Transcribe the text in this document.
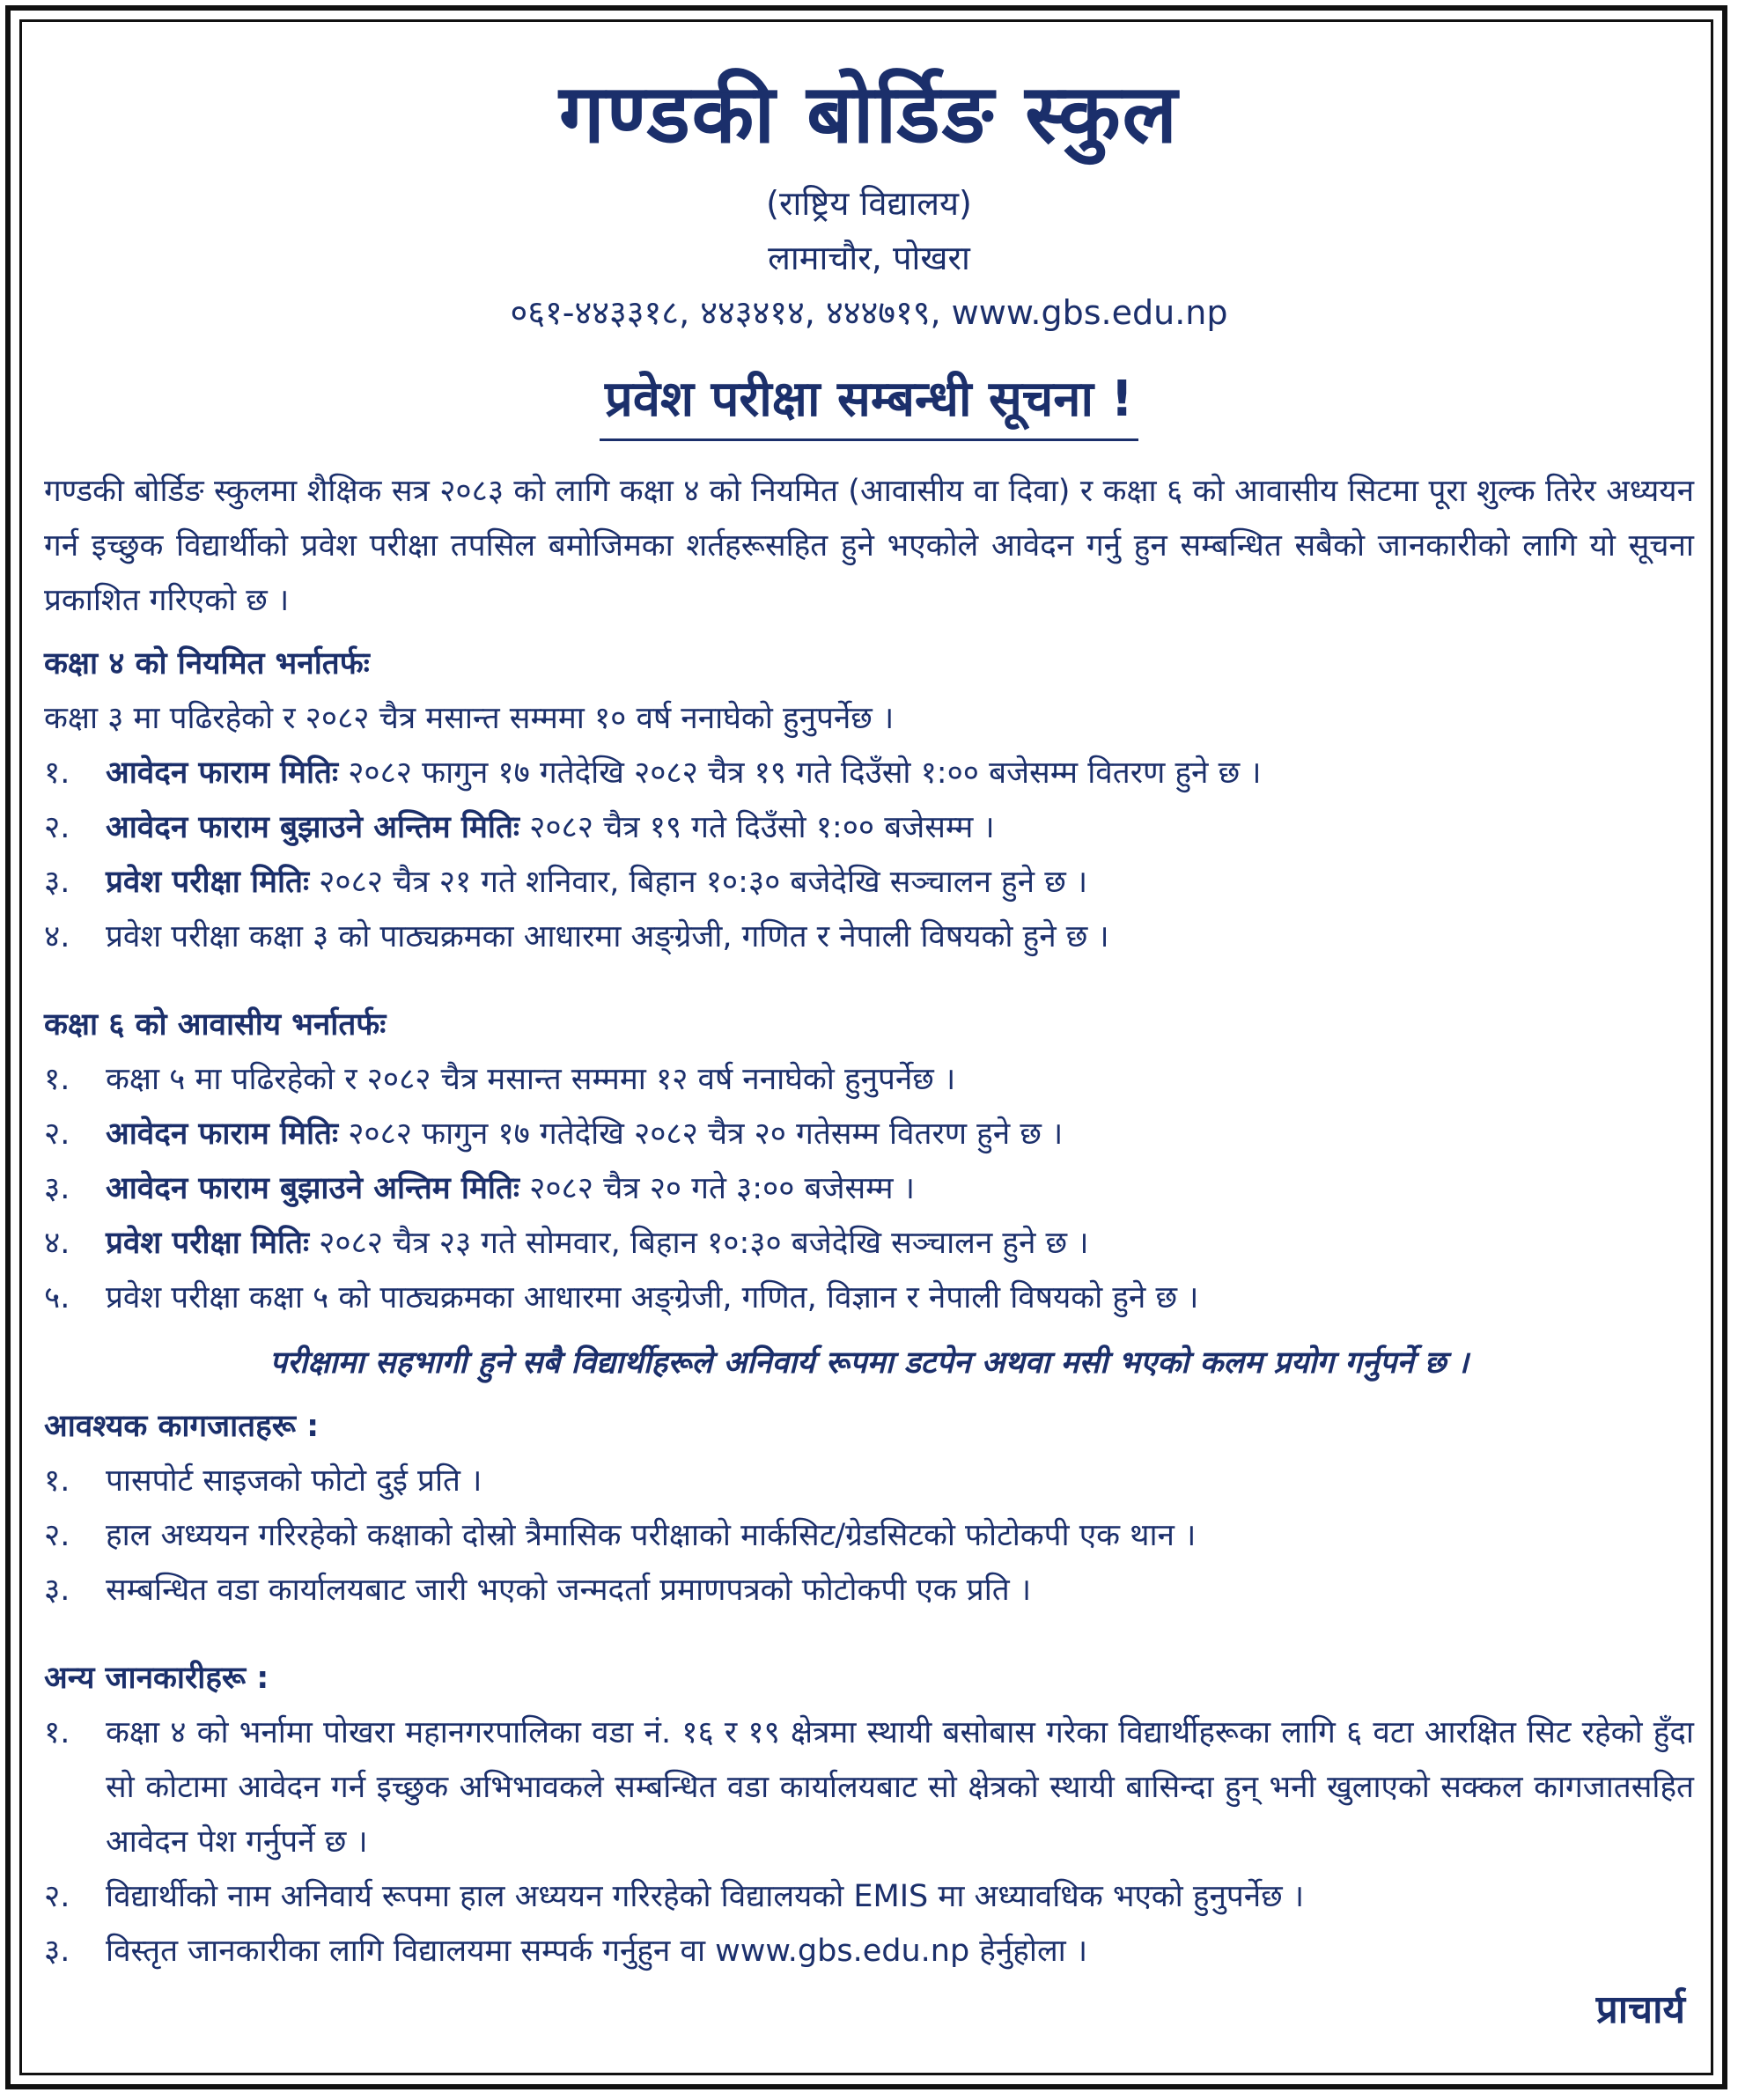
गण्डकी बोर्डिङ स्कुल
(राष्ट्रिय विद्यालय)
लामाचौर, पोखरा
०६१-४४३३१८, ४४३४१४, ४४४७१९, www.gbs.edu.np
प्रवेश परीक्षा सम्बन्धी सूचना !

गण्डकी बोर्डिङ स्कुलमा शैक्षिक सत्र २०८३ को लागि कक्षा ४ को नियमित (आवासीय वा दिवा) र कक्षा ६ को आवासीय सिटमा पूरा शुल्क तिरेर अध्ययन गर्न इच्छुक विद्यार्थीको प्रवेश परीक्षा तपसिल बमोजिमका शर्तहरूसहित हुने भएकोले आवेदन गर्नु हुन सम्बन्धित सबैको जानकारीको लागि यो सूचना प्रकाशित गरिएको छ ।

कक्षा ४ को नियमित भर्नातर्फः
कक्षा ३ मा पढिरहेको र २०८२ चैत्र मसान्त सम्ममा १० वर्ष ननाघेको हुनुपर्नेछ ।
१.	आवेदन फाराम मितिः २०८२ फागुन १७ गतेदेखि २०८२ चैत्र १९ गते दिउँसो १:०० बजेसम्म वितरण हुने छ ।
२.	आवेदन फाराम बुझाउने अन्तिम मितिः २०८२ चैत्र १९ गते दिउँसो १:०० बजेसम्म ।
३.	प्रवेश परीक्षा मितिः २०८२ चैत्र २१ गते शनिवार, बिहान १०:३० बजेदेखि सञ्चालन हुने छ ।
४.	प्रवेश परीक्षा कक्षा ३ को पाठ्यक्रमका आधारमा अङ्ग्रेजी, गणित र नेपाली विषयको हुने छ ।
कक्षा ६ को आवासीय भर्नातर्फः
१.	कक्षा ५ मा पढिरहेको र २०८२ चैत्र मसान्त सम्ममा १२ वर्ष ननाघेको हुनुपर्नेछ ।
२.	आवेदन फाराम मितिः २०८२ फागुन १७ गतेदेखि २०८२ चैत्र २० गतेसम्म वितरण हुने छ ।
३.	आवेदन फाराम बुझाउने अन्तिम मितिः २०८२ चैत्र २० गते ३:०० बजेसम्म ।
४.	प्रवेश परीक्षा मितिः २०८२ चैत्र २३ गते सोमवार, बिहान १०:३० बजेदेखि सञ्चालन हुने छ ।
५.	प्रवेश परीक्षा कक्षा ५ को पाठ्यक्रमका आधारमा अङ्ग्रेजी, गणित, विज्ञान र नेपाली विषयको हुने छ ।
परीक्षामा सहभागी हुने सबै विद्यार्थीहरूले अनिवार्य रूपमा डटपेन अथवा मसी भएको कलम प्रयोग गर्नुपर्ने छ ।
आवश्यक कागजातहरू :
१.	पासपोर्ट साइजको फोटो दुई प्रति ।
२.	हाल अध्ययन गरिरहेको कक्षाको दोस्रो त्रैमासिक परीक्षाको मार्कसिट/ग्रेडसिटको फोटोकपी एक थान ।
३.	सम्बन्धित वडा कार्यालयबाट जारी भएको जन्मदर्ता प्रमाणपत्रको फोटोकपी एक प्रति ।
अन्य जानकारीहरू :
१.	कक्षा ४ को भर्नामा पोखरा महानगरपालिका वडा नं. १६ र १९ क्षेत्रमा स्थायी बसोबास गरेका विद्यार्थीहरूका लागि ६ वटा आरक्षित सिट रहेको हुँदा सो कोटामा आवेदन गर्न इच्छुक अभिभावकले सम्बन्धित वडा कार्यालयबाट सो क्षेत्रको स्थायी बासिन्दा हुन् भनी खुलाएको सक्कल कागजातसहित आवेदन पेश गर्नुपर्ने छ ।
२.	विद्यार्थीको नाम अनिवार्य रूपमा हाल अध्ययन गरिरहेको विद्यालयको EMIS मा अध्यावधिक भएको हुनुपर्नेछ ।
३.	विस्तृत जानकारीका लागि विद्यालयमा सम्पर्क गर्नुहुन वा www.gbs.edu.np हेर्नुहोला ।
प्राचार्य
